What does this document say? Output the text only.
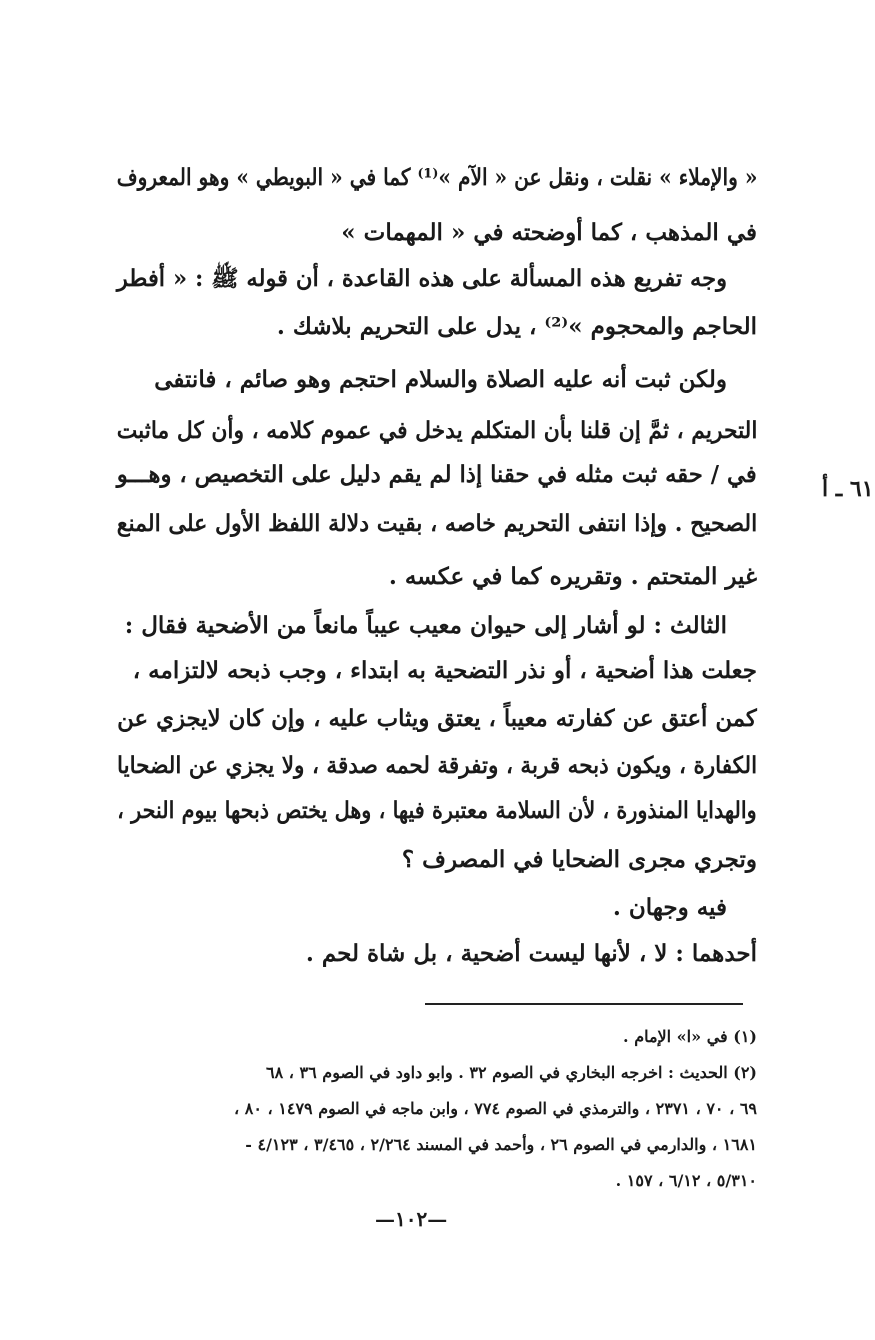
« والإملاء » نقلت ، ونقل عن « الآم »⁽¹⁾ كما في « البويطي » وهو المعروف
في المذهب ، كما أوضحته في « المهمات »
وجه تفريع هذه المسألة على هذه القاعدة ، أن قوله ﷺ : « أفطر
الحاجم والمحجوم »⁽²⁾ ، يدل على التحريم بلاشك .
ولكن ثبت أنه عليه الصلاة والسلام احتجم وهو صائم ، فانتفى
التحريم ، ثمَّ إن قلنا بأن المتكلم يدخل في عموم كلامه ، وأن كل ماثبت
في / حقه ثبت مثله في حقنا إذا لم يقم دليل على التخصيص ، وهـــو
الصحيح . وإذا انتفى التحريم خاصه ، بقيت دلالة اللفظ الأول على المنع
غير المتحتم . وتقريره كما في عكسه .
الثالث : لو أشار إلى حيوان معيب عيباً مانعاً من الأضحية فقال :
جعلت هذا أضحية ، أو نذر التضحية به ابتداء ، وجب ذبحه لالتزامه ،
كمن أعتق عن كفارته معيباً ، يعتق ويثاب عليه ، وإن كان لايجزي عن
الكفارة ، ويكون ذبحه قربة ، وتفرقة لحمه صدقة ، ولا يجزي عن الضحايا
والهدايا المنذورة ، لأن السلامة معتبرة فيها ، وهل يختص ذبحها بيوم النحر ،
وتجري مجرى الضحايا في المصرف ؟
فيه وجهان .
أحدهما : لا ، لأنها ليست أضحية ، بل شاة لحم .
٦١ ـ أ
(١) في «ا» الإمام .
(٢) الحديث : اخرجه البخاري في الصوم ٣٢ . وابو داود في الصوم ٣٦ ، ٦٨
٦٩ ، ٧٠ ، ٢٣٧١ ، والترمذي في الصوم ٧٧٤ ، وابن ماجه في الصوم ١٤٧٩ ، ٨٠ ،
١٦٨١ ، والدارمي في الصوم ٢٦ ، وأحمد في المسند ٢/٢٦٤ ، ٣/٤٦٥ ، ٤/١٢٣ -
٥/٣١٠ ، ٦/١٢ ، ١٥٧ .
—١٠٢—
